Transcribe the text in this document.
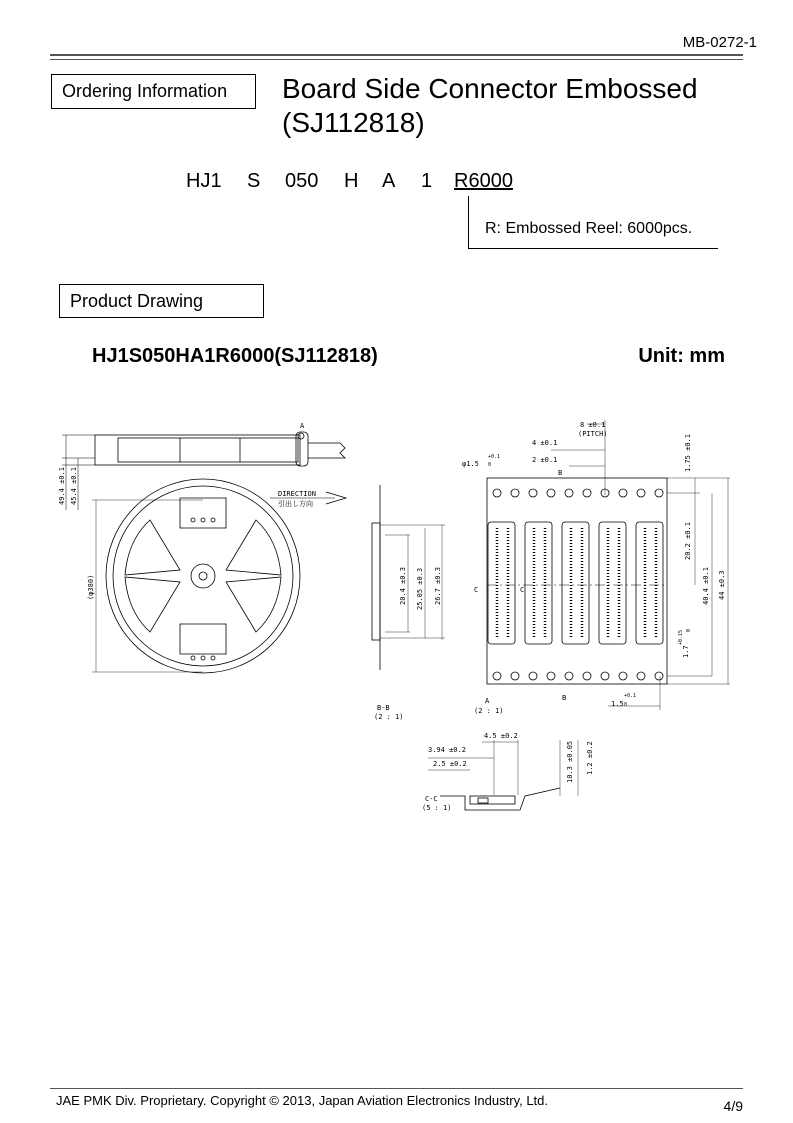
MB-0272-1
Ordering Information	Board Side Connector Embossed
(SJ112818)
HJ1 S 050 H A 1 R6000
R: Embossed Reel: 6000pcs.
Product Drawing
HJ1S050HA1R6000(SJ112818)	Unit: mm
A
49.4 ±0.1 45.4 ±0.1
(φ380)
DIRECTION
引出し方向
20.4 ±0.3 25.05 ±0.3 26.7 ±0.3
B-B
(2 : 1)
8 ±0.1
(PITCH)
4 ±0.1
2 ±0.1
φ1.5
+0.1
0	1.75 ±0.1
20.2 ±0.1
40.4 ±0.1 44 ±0.3
1.7
+0.15 0
1.5
+0.1
0
B
B
C	C
A
(2 : 1)
4.5 ±0.2
3.94 ±0.2
2.5 ±0.2	10.3 ±0.05 1.2 ±0.2
C-C
(5 : 1)
JAE PMK Div. Proprietary. Copyright © 2013, Japan Aviation Electronics Industry, Ltd.	4/9
